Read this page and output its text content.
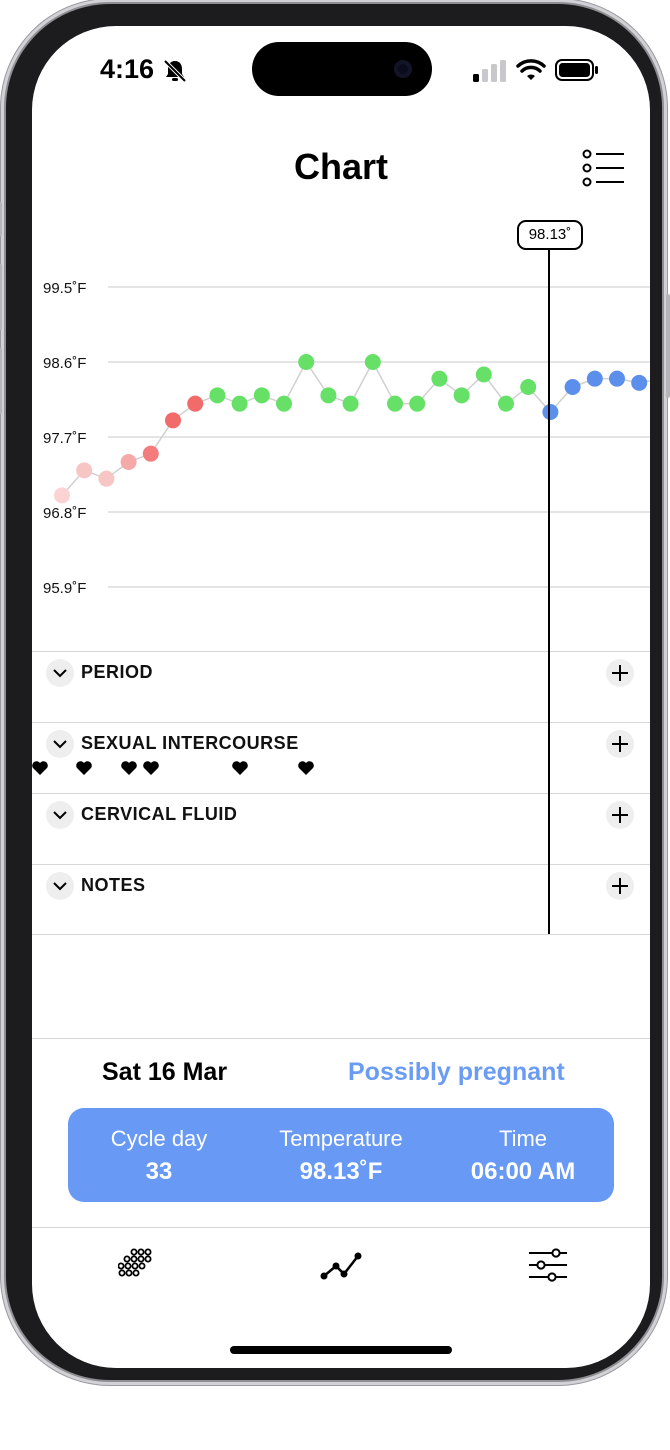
4:16
Chart
99.5˚F
98.6˚F
97.7˚F
96.8˚F
95.9˚F
PERIOD
SEXUAL INTERCOURSE
CERVICAL FLUID
NOTES
98.13˚
Sat 16 Mar	Possibly pregnant
Cycle day
33
Temperature
98.13˚F
Time
06:00 AM
